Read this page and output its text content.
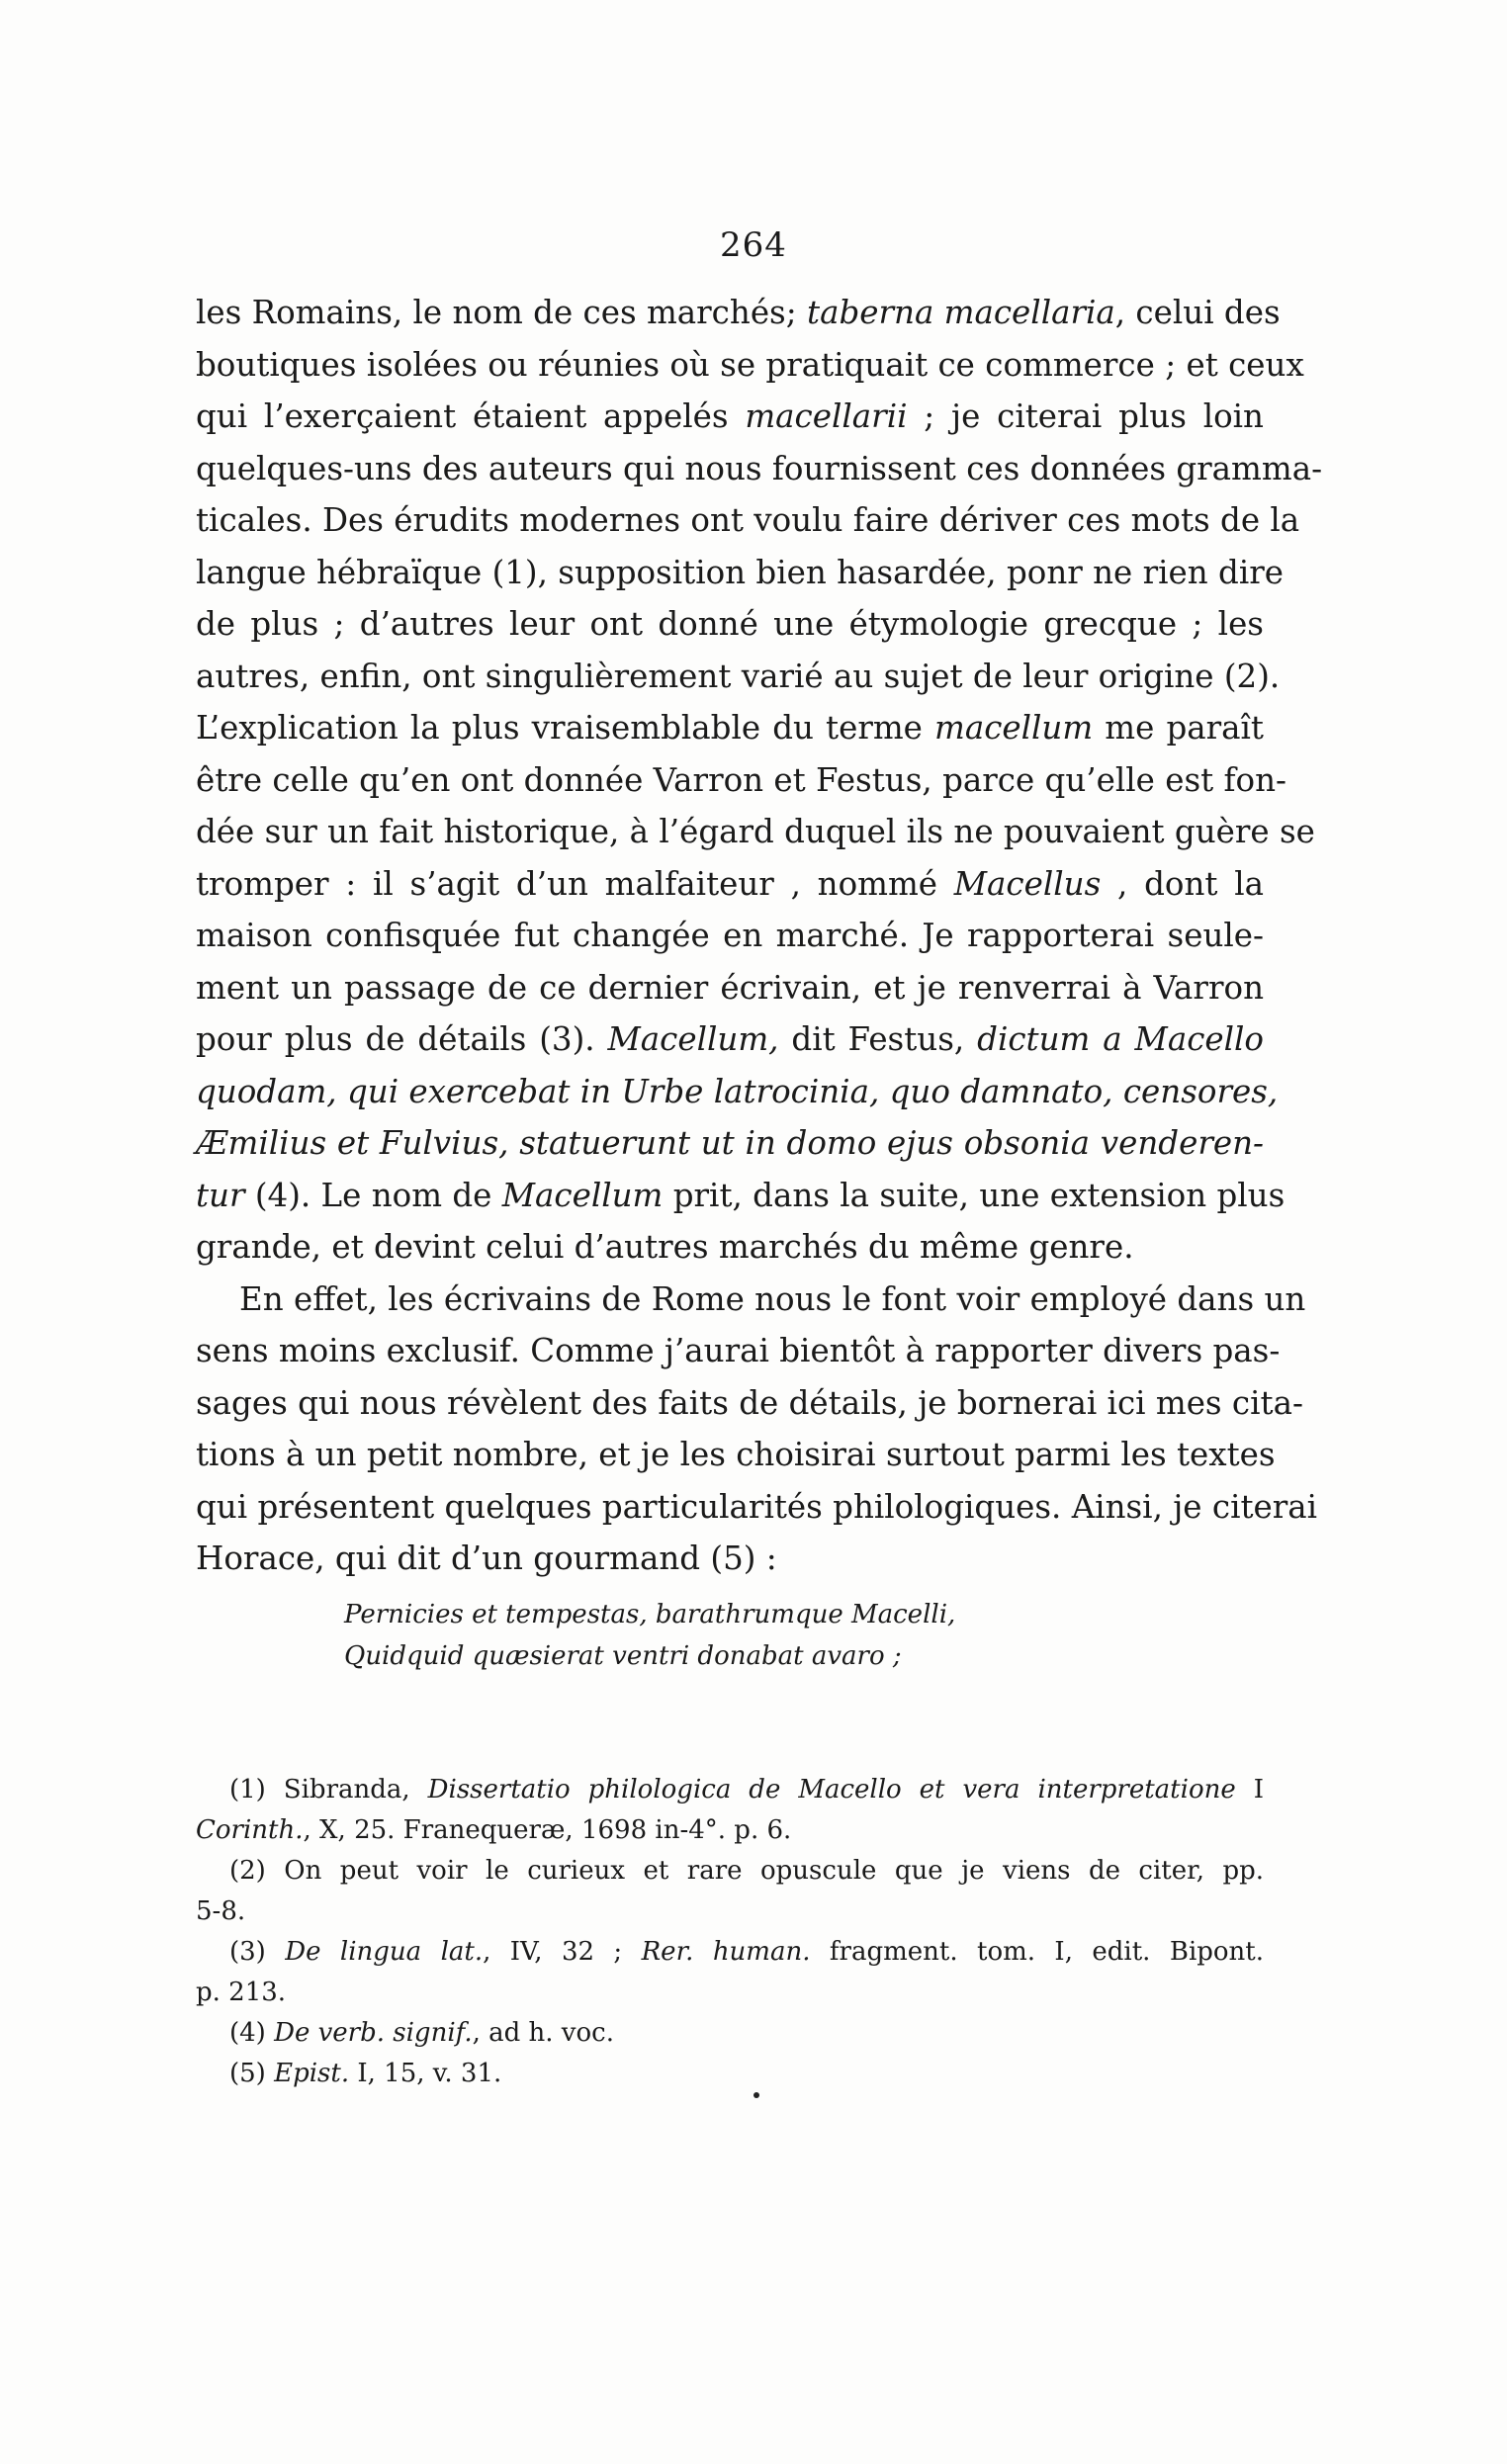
264
les Romains, le nom de ces marchés; taberna macellaria, celui des
boutiques isolées ou réunies où se pratiquait ce commerce ; et ceux
qui l’exerçaient étaient appelés macellarii ; je citerai plus loin
quelques-uns des auteurs qui nous fournissent ces données gramma-
ticales. Des érudits modernes ont voulu faire dériver ces mots de la
langue hébraïque (1), supposition bien hasardée, ponr ne rien dire
de plus ; d’autres leur ont donné une étymologie grecque ; les
autres, enfin, ont singulièrement varié au sujet de leur origine (2).
L’explication la plus vraisemblable du terme macellum me paraît
être celle qu’en ont donnée Varron et Festus, parce qu’elle est fon-
dée sur un fait historique, à l’égard duquel ils ne pouvaient guère se
tromper : il s’agit d’un malfaiteur , nommé Macellus , dont la
maison confisquée fut changée en marché. Je rapporterai seule-
ment un passage de ce dernier écrivain, et je renverrai à Varron
pour plus de détails (3). Macellum, dit Festus, dictum a Macello
quodam, qui exercebat in Urbe latrocinia, quo damnato, censores,
Æmilius et Fulvius, statuerunt ut in domo ejus obsonia venderen-
tur (4). Le nom de Macellum prit, dans la suite, une extension plus
grande, et devint celui d’autres marchés du même genre.
En effet, les écrivains de Rome nous le font voir employé dans un
sens moins exclusif. Comme j’aurai bientôt à rapporter divers pas-
sages qui nous révèlent des faits de détails, je bornerai ici mes cita-
tions à un petit nombre, et je les choisirai surtout parmi les textes
qui présentent quelques particularités philologiques. Ainsi, je citerai
Horace, qui dit d’un gourmand (5) :
Pernicies et tempestas, barathrumque Macelli,
Quidquid quæsierat ventri donabat avaro ;
(1) Sibranda, Dissertatio philologica de Macello et vera interpretatione I
Corinth., X, 25. Franequeræ, 1698 in-4°. p. 6.
(2) On peut voir le curieux et rare opuscule que je viens de citer, pp.
5-8.
(3) De lingua lat., IV, 32 ; Rer. human. fragment. tom. I, edit. Bipont.
p. 213.
(4) De verb. signif., ad h. voc.
(5) Epist. I, 15, v. 31.
